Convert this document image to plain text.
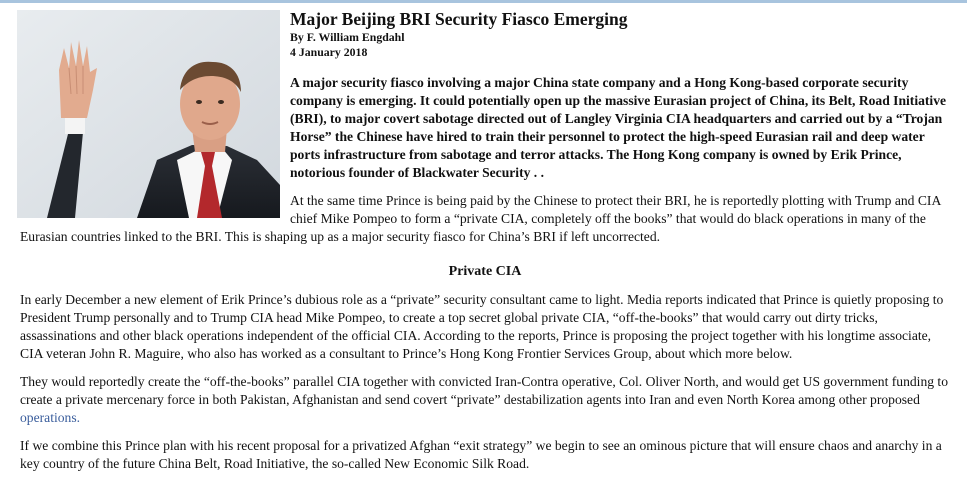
Major Beijing BRI Security Fiasco Emerging
By F. William Engdahl
4 January 2018

A major security fiasco involving a major China state company and a Hong Kong-based corporate security company is emerging. It could potentially open up the massive Eurasian project of China, its Belt, Road Initiative (BRI), to major covert sabotage directed out of Langley Virginia CIA headquarters and carried out by a “Trojan Horse” the Chinese have hired to train their personnel to protect the high-speed Eurasian rail and deep water ports infrastructure from sabotage and terror attacks. The Hong Kong company is owned by Erik Prince, notorious founder of Blackwater Security . .

At the same time Prince is being paid by the Chinese to protect their BRI, he is reportedly plotting with Trump and CIA chief Mike Pompeo to form a “private CIA, completely off the books” that would do black operations in many of the Eurasian countries linked to the BRI. This is shaping up as a major security fiasco for China’s BRI if left uncorrected.

Private CIA

In early December a new element of Erik Prince’s dubious role as a “private” security consultant came to light. Media reports indicated that Prince is quietly proposing to President Trump personally and to Trump CIA head Mike Pompeo, to create a top secret global private CIA, “off-the-books” that would carry out dirty tricks, assassinations and other black operations independent of the official CIA. According to the reports, Prince is proposing the project together with his longtime associate, CIA veteran John R. Maguire, who also has worked as a consultant to Prince’s Hong Kong Frontier Services Group, about which more below.

They would reportedly create the “off-the-books” parallel CIA together with convicted Iran-Contra operative, Col. Oliver North, and would get US government funding to create a private mercenary force in both Pakistan, Afghanistan and send covert “private” destabilization agents into Iran and even North Korea among other proposed operations.

If we combine this Prince plan with his recent proposal for a privatized Afghan “exit strategy” we begin to see an ominous picture that will ensure chaos and anarchy in a key country of the future China Belt, Road Initiative, the so-called New Economic Silk Road.
